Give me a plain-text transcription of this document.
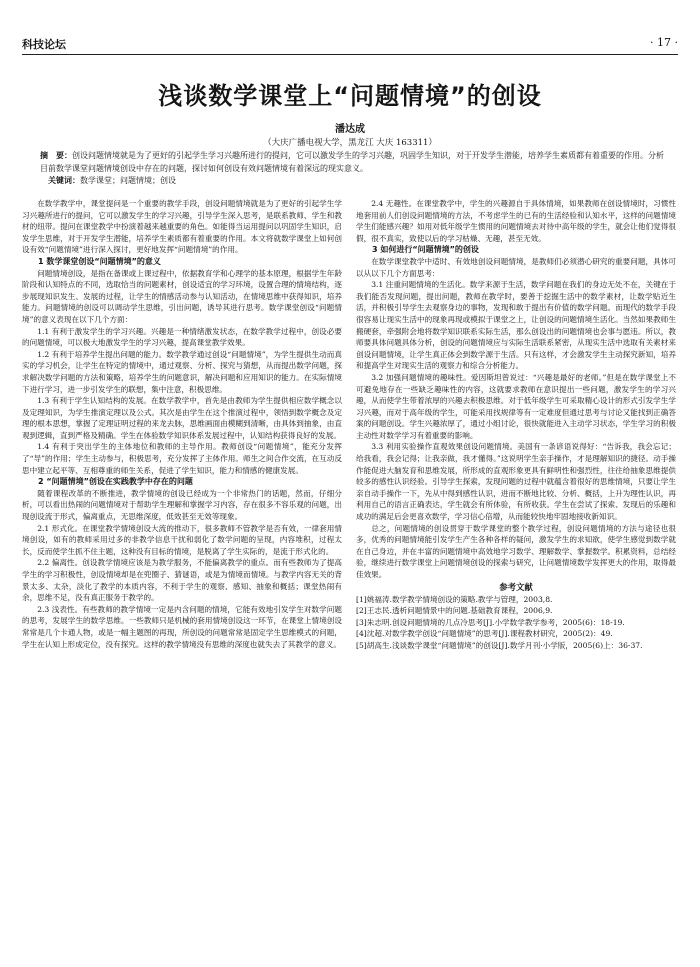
科技论坛	· 17 ·
浅谈数学课堂上“问题情境”的创设
潘达成
（大庆广播电视大学，黑龙江 大庆 163311）
摘　要：创设问题情境就是为了更好的引起学生学习兴趣所进行的提问，它可以激发学生的学习兴趣，巩固学生知识，对于开发学生潜能，培养学生素质都有着重要的作用。分析目前数学课堂问题情境创设中存在的问题，探讨如何创设有效问题情境有着深远的现实意义。
关键词：数学课堂；问题情境；创设

在数学教学中，课堂提问是一个重要的教学手段，创设问题情境就是为了更好的引起学生学习兴趣所进行的提问，它可以激发学生的学习兴趣，引导学生深入思考，是联系教师、学生和教材的纽带。提问在课堂教学中扮演着越来越重要的角色。如能得当运用提问以巩固学生知识，启发学生思维，对于开发学生潜能，培养学生素质都有着重要的作用。本文将就数学课堂上如何创设有效“问题情境”进行深入探讨，更好地发挥“问题情境”的作用。

1 数学课堂创设“问题情境”的意义

问题情境创设，是指在备课或上课过程中，依据教育学和心理学的基本原理，根据学生年龄阶段和认知特点的不同，选取恰当的问题素材，创设适宜的学习环境，设置合理的情境结构，逐步展现知识发生、发展的过程，让学生的情感活动参与认知活动，在情境思维中获得知识，培养能力。问题情境的创设可以调动学生思维，引出问题，诱导其进行思考。数学课堂创设“问题情境”的意义表现在以下几个方面：

1.1 有利于激发学生的学习兴趣。兴趣是一种情绪激发状态，在数学教学过程中，创设必要的问题情境，可以极大地激发学生的学习兴趣，提高课堂教学效果。

1.2 有利于培养学生提出问题的能力。数学教学通过创设“问题情境”，为学生提供生动而真实的学习机会，让学生在特定的情境中，通过观察、分析、探究与猜想，从而提出数学问题，探求解决数学问题的方法和策略，培养学生的问题意识，解决问题和应用知识的能力。在实际情境下进行学习，进一步引发学生的联想，集中注意，积极思维。

1.3 有利于学生认知结构的发展。在数学教学中，首先是由教师为学生提供相应数学概念以及定理知识，为学生推演定理以及公式。其次是由学生在这个推演过程中，领悟到数学概念及定理的根本思想，掌握了定理证明过程的来龙去脉，思维画面由模糊到清晰，由具体到抽象，由直观到逻辑，直到严格及精确。学生在体验数学知识体系发展过程中，认知结构获得良好的发展。

1.4 有利于突出学生的主体地位和教师的主导作用。教师创设“问题情境”，能充分发挥了“导”的作用；学生主动参与，积极思考，充分发挥了主体作用。师生之间合作交流，在互动反思中建立起平等、互相尊重的师生关系，促进了学生知识，能力和情感的健康发展。

2 “问题情境”创设在实践教学中存在的问题

随着课程改革的不断推进，教学情境的创设已经成为一个非常热门的话题，然而，仔细分析，可以看出热闹的问题情境对于帮助学生理解和掌握学习内容，存在很多不容乐观的问题，出现创设流于形式，偏离重点，无思维深度，低效甚至无效等现象。

2.1 形式化。在课堂教学情境创设大流的推动下，很多教师不管教学是否有效，一律套用情境创设，如有的教师采用过多的非教学信息干扰和弱化了数学问题的呈现，内容堆积，过程太长，反而使学生抓不住主题，这种没有目标的情境，是脱离了学生实际的，是流于形式化的。

2.2 偏离性。创设教学情境应该是为教学服务，不能偏离教学的重点。而有些教师为了提高学生的学习积极性，创设情境却是在兜圈子、猜谜语，或是为情境而情境。与教学内容无关的背景太多、太杂，淡化了教学的本质内容，不利于学生的观察、感知、抽象和概括；课堂热闹有余，思维不足，没有真正服务于教学的。

2.3 浅表性。有些教师的教学情境一定是内含问题的情境，它能有效地引发学生对数学问题的思考，发展学生的数学思维。一些教师只是机械的套用情境创设这一环节，在课堂上情境创设常常是几个卡通人物，或是一幅主题图的再现，所创设的问题常常是固定学生思维模式的问题，学生在认知上形成定位，没有探究。这样的教学情境没有思维的深度也就失去了其教学的意义。

2.4 无趣性。在课堂教学中，学生的兴趣源自于具体情境，如果教师在创设情境时，习惯性地套用前人们创设问题情境的方法，不考虑学生的已有的生活经验和认知水平，这样的问题情境学生们能感兴趣？如用对低年级学生惯用的问题情境去对待中高年级的学生，就会让他们觉得很假，很不真实，致使以后的学习枯燥、无趣，甚至无效。

3 如何进行“问题情境”的创设

在数学课堂教学中适时、有效地创设问题情境，是教师们必须潜心研究的重要问题，具体可以从以下几个方面思考：

3.1 注重问题情境的生活化。数学来源于生活，数学问题在我们的身边无处不在，关键在于我们能否发现问题，提出问题，教师在教学时，要善于挖掘生活中的数学素材，让数学贴近生活，并积极引导学生去观察身边的事物，发现和敢于提出有价值的数学问题。而现代的数学手段很容易让现实生活中的现象再现或模拟于课堂之上，让创设的问题情境生活化。当然如果教师生搬硬套，牵强附会地将数学知识联系实际生活，那么创设出的问题情境也会事与愿违。所以，教师要具体问题具体分析，创设的问题情境应与实际生活联系紧密，从现实生活中选取有关素材来创设问题情境，让学生真正体会到数学源于生活。只有这样，才会激发学生主动探究新知，培养和提高学生对现实生活的观察力和综合分析能力。

3.2 加强问题情境的趣味性。爱因斯坦曾说过：“兴趣是最好的老师。”但是在数学课堂上不可避免地存在一些缺乏趣味性的内容，这就要求教师在意识提出一些问题，激发学生的学习兴趣，从而使学生带着浓厚的兴趣去积极思维。对于低年级学生可采取精心设计的形式引发学生学习兴趣，而对于高年级的学生，可能采用找规律等有一定难度但通过思考与讨论又能找到正确答案的问题创设。学生兴趣浓厚了，通过小组讨论，很快就能进入主动学习状态，学生学习的积极主动性对数学学习有着重要的影响。

3.3 利用实验操作直观效果创设问题情境。美国有一条谚语说得好：“告诉我，我会忘记；给我看，我会记得；让我亲做，我才懂得。”这说明学生亲手操作，才是理解知识的捷径。动手操作能促进大脑发育和思维发展，所形成的直观形象更具有鲜明性和强烈性，往往给抽象思维提供较多的感性认识经验。引导学生探索，发现问题的过程中就蕴含着很好的思维情境，只要让学生亲自动手操作一下，先从中得到感性认识，进而不断地比较、分析、概括，上升为理性认识，再利用自己的语言正确表达，学生就会有所体验，有所收获。学生在尝试了探索、发现后的乐趣和成功的满足后会更喜欢数学，学习信心倍增，从而能较快地牢固地接收新知识。

总之，问题情境的创设贯穿于数学课堂的整个教学过程，创设问题情境的方法与途径也很多，优秀的问题情境能引发学生产生各种各样的疑问，激发学生的求知欲，使学生感觉到数学就在自己身边，并在丰富的问题情境中高效地学习数学、理解数学、掌握数学。积累资料，总结经验，继续进行数学课堂上问题情境创设的探索与研究，让问题情境数学发挥更大的作用，取得最佳效果。

参考文献

[1]姚福涛.数学教学情境创设的策略.教学与管理，2003,8.

[2]王志民.透析问题情景中的问题.基础教育课程，2006,9.

[3]朱志明.创设问题情境的几点冷思考[J].小学数学教学参考，2005(6)：18-19.

[4]沈超.对数学教学创设“问题情境”的思考[J].课程教材研究，2005(2)：49.

[5]胡高生.浅谈数学课堂“问题情境”的创设[J].数学月刊·小学版，2005(6)上：36-37.
